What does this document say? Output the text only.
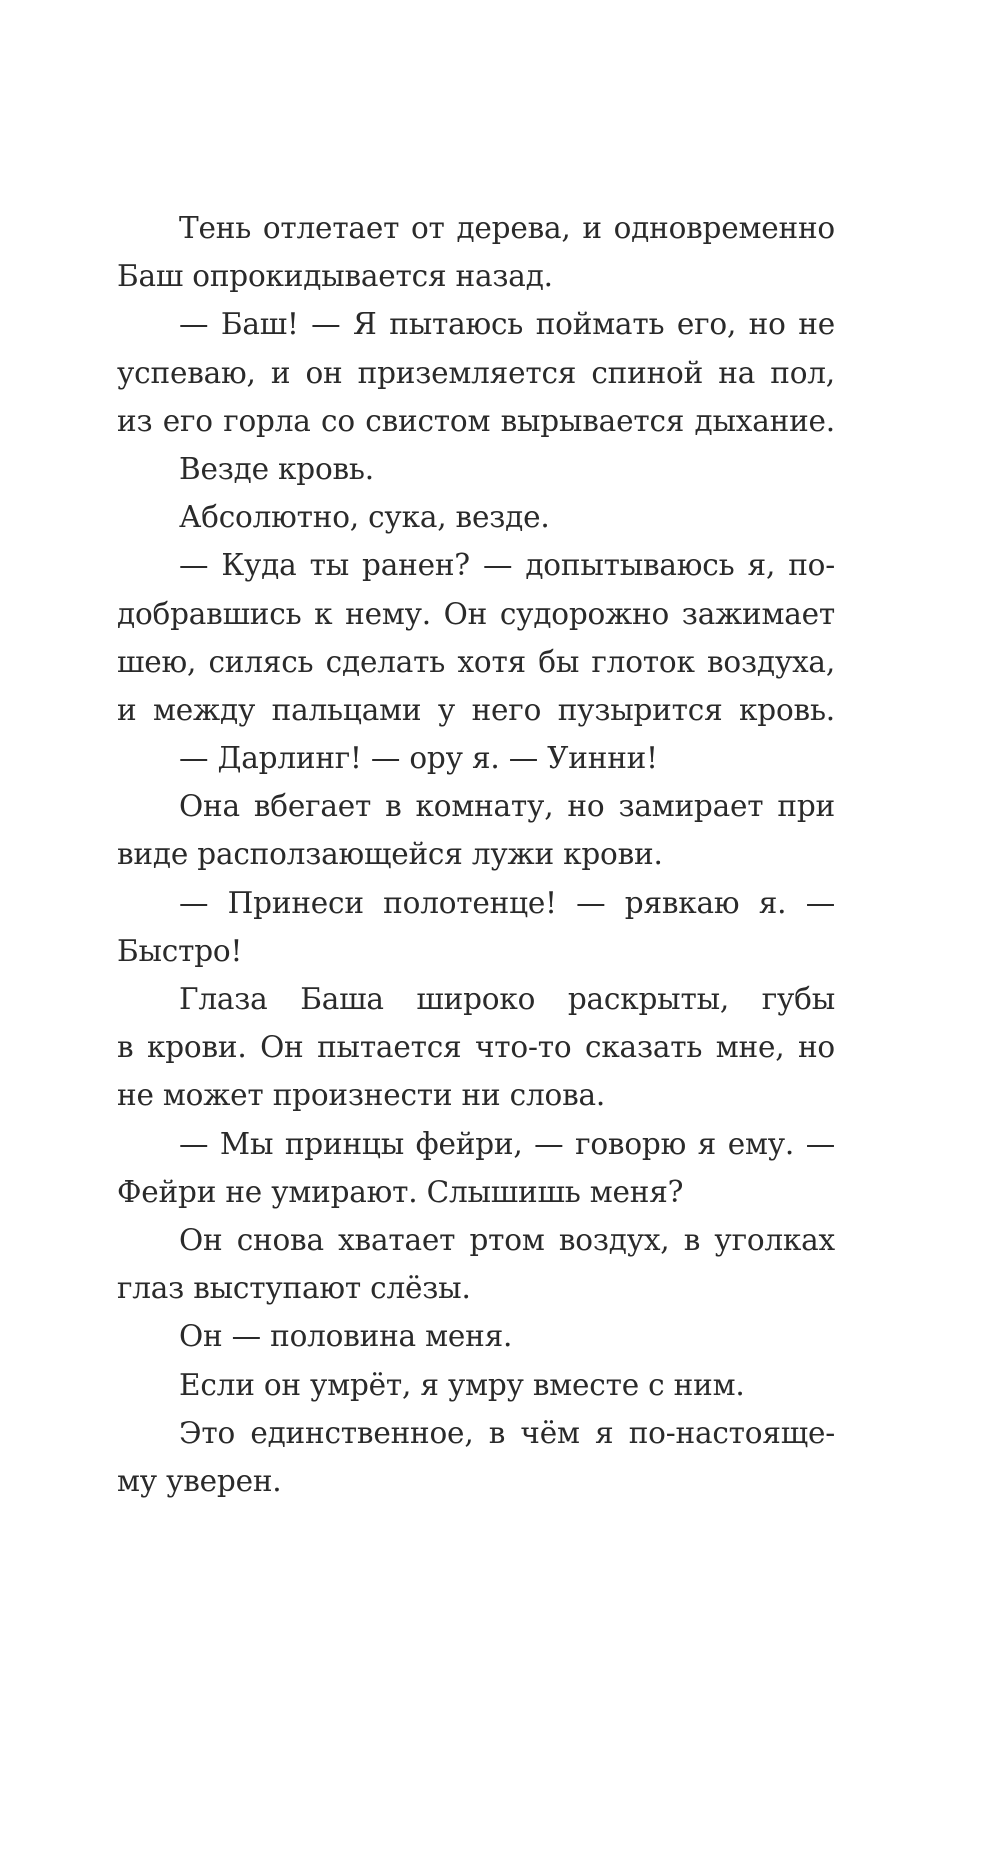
Тень отлетает от дерева, и одновременно
Баш опрокидывается назад.
— Баш! — Я пытаюсь поймать его, но не
успеваю, и он приземляется спиной на пол,
из его горла со свистом вырывается дыхание.
Везде кровь.
Абсолютно, сука, везде.
— Куда ты ранен? — допытываюсь я, по-
добравшись к нему. Он судорожно зажимает
шею, силясь сделать хотя бы глоток воздуха,
и между пальцами у него пузырится кровь.
— Дарлинг! — ору я. — Уинни!
Она вбегает в комнату, но замирает при
виде расползающейся лужи крови.
— Принеси полотенце! — рявкаю я. —
Быстро!
Глаза Баша широко раскрыты, губы
в крови. Он пытается что-то сказать мне, но
не может произнести ни слова.
— Мы принцы фейри, — говорю я ему. —
Фейри не умирают. Слышишь меня?
Он снова хватает ртом воздух, в уголках
глаз выступают слёзы.
Он — половина меня.
Если он умрёт, я умру вместе с ним.
Это единственное, в чём я по-настояще-
му уверен.
